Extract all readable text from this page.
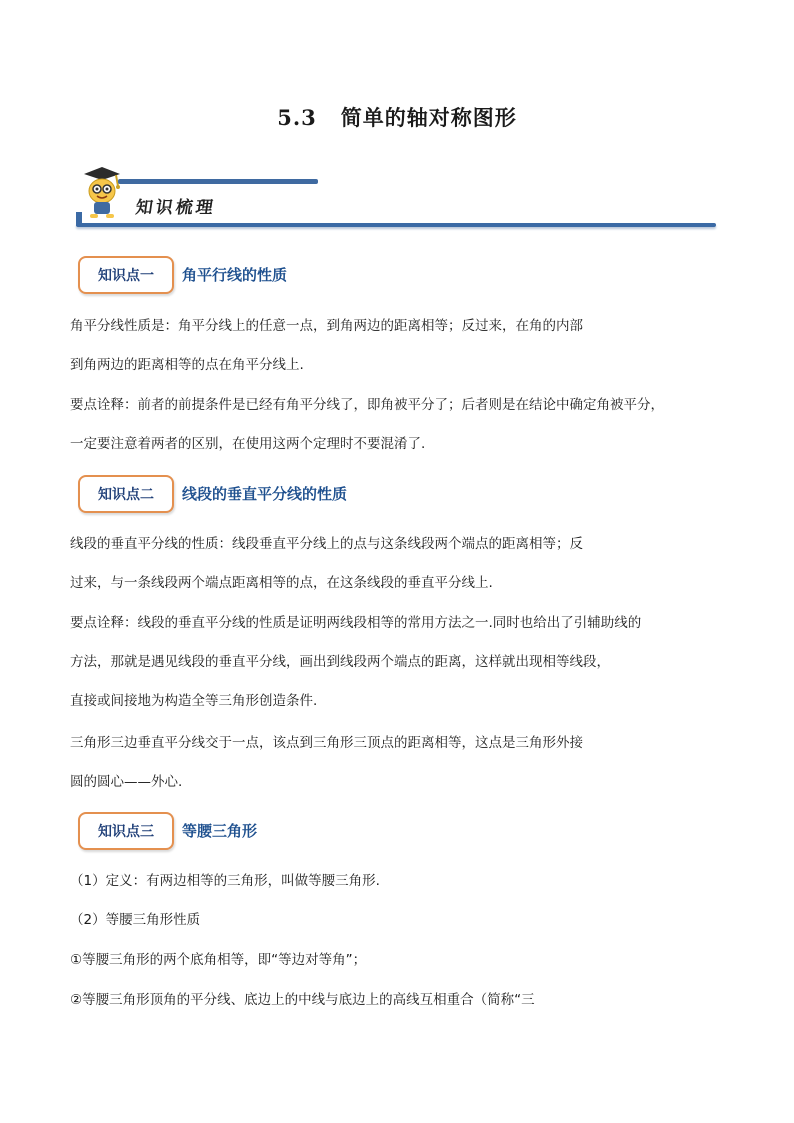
5.3 简单的轴对称图形
知识梳理
知识点一	角平行线的性质
角平分线性质是：角平分线上的任意一点，到角两边的距离相等；反过来，在角的内部
到角两边的距离相等的点在角平分线上.
要点诠释：前者的前提条件是已经有角平分线了，即角被平分了；后者则是在结论中确定角被平分，
一定要注意着两者的区别，在使用这两个定理时不要混淆了.
知识点二	线段的垂直平分线的性质
线段的垂直平分线的性质：线段垂直平分线上的点与这条线段两个端点的距离相等；反
过来，与一条线段两个端点距离相等的点，在这条线段的垂直平分线上.
要点诠释：线段的垂直平分线的性质是证明两线段相等的常用方法之一.同时也给出了引辅助线的
方法，那就是遇见线段的垂直平分线，画出到线段两个端点的距离，这样就出现相等线段，
直接或间接地为构造全等三角形创造条件.
三角形三边垂直平分线交于一点，该点到三角形三顶点的距离相等，这点是三角形外接
圆的圆心——外心.
知识点三	等腰三角形
（1）定义：有两边相等的三角形，叫做等腰三角形.
（2）等腰三角形性质
①等腰三角形的两个底角相等，即“等边对等角”；
②等腰三角形顶角的平分线、底边上的中线与底边上的高线互相重合（简称“三
